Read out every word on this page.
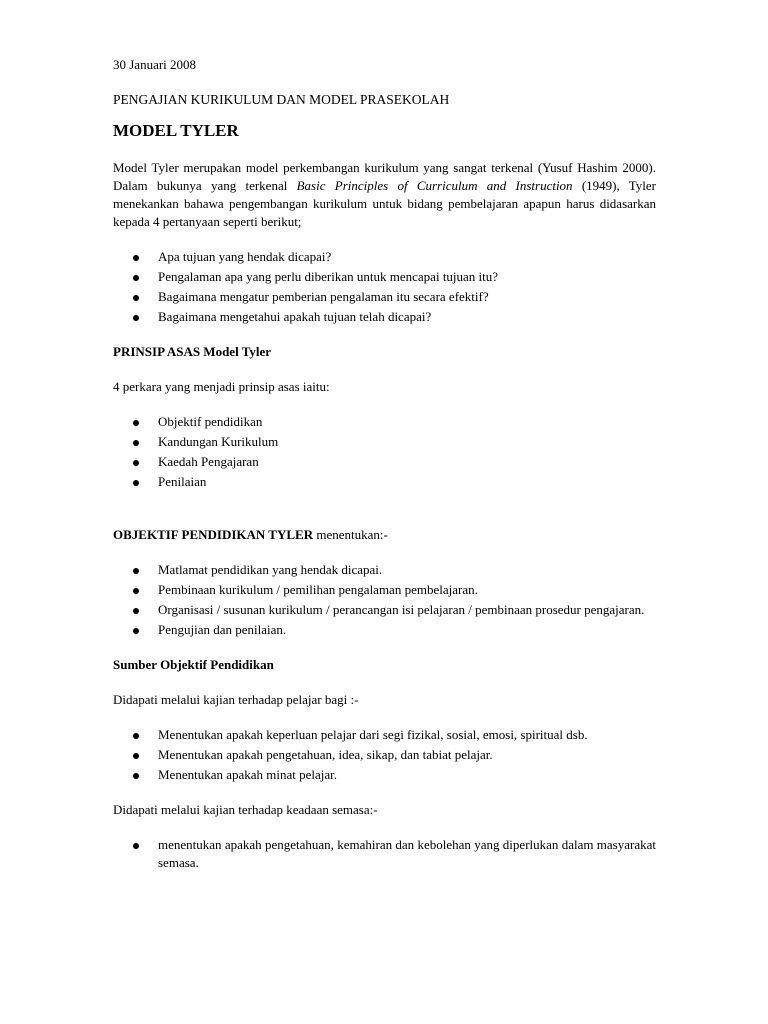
30 Januari 2008

PENGAJIAN KURIKULUM DAN MODEL PRASEKOLAH

MODEL TYLER

Model Tyler merupakan model perkembangan kurikulum yang sangat terkenal (Yusuf Hashim 2000). Dalam bukunya yang terkenal Basic Principles of Curriculum and Instruction (1949), Tyler menekankan bahawa pengembangan kurikulum untuk bidang pembelajaran apapun harus didasarkan kepada 4 pertanyaan seperti berikut;

Apa tujuan yang hendak dicapai?
Pengalaman apa yang perlu diberikan untuk mencapai tujuan itu?
Bagaimana mengatur pemberian pengalaman itu secara efektif?
Bagaimana mengetahui apakah tujuan telah dicapai?

PRINSIP ASAS Model Tyler

4 perkara yang menjadi prinsip asas iaitu:

Objektif pendidikan
Kandungan Kurikulum
Kaedah Pengajaran
Penilaian

OBJEKTIF PENDIDIKAN TYLER menentukan:-

Matlamat pendidikan yang hendak dicapai.
Pembinaan kurikulum / pemilihan pengalaman pembelajaran.
Organisasi / susunan kurikulum / perancangan isi pelajaran / pembinaan prosedur pengajaran.
Pengujian dan penilaian.

Sumber Objektif Pendidikan

Didapati melalui kajian terhadap pelajar bagi :-

Menentukan apakah keperluan pelajar dari segi fizikal, sosial, emosi, spiritual dsb.
Menentukan apakah pengetahuan, idea, sikap, dan tabiat pelajar.
Menentukan apakah minat pelajar.

Didapati melalui kajian terhadap keadaan semasa:-

menentukan apakah pengetahuan, kemahiran dan kebolehan yang diperlukan dalam masyarakat semasa.
